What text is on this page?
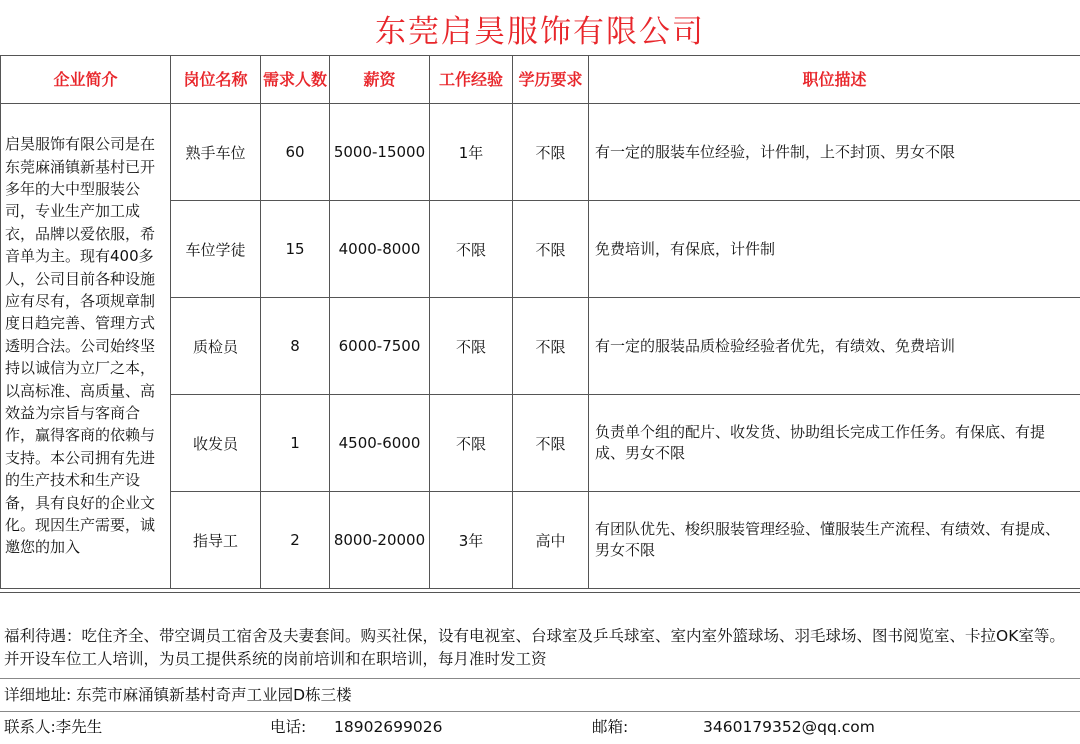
东莞启昊服饰有限公司
企业简介	岗位名称	需求人数	薪资	工作经验	学历要求	职位描述
启昊服饰有限公司是在东莞麻涌镇新基村已开多年的大中型服装公司，专业生产加工成衣，品牌以爱依服，希音单为主。现有400多人，公司目前各种设施应有尽有，各项规章制度日趋完善、管理方式透明合法。公司始终坚持以诚信为立厂之本，以高标准、高质量、高效益为宗旨与客商合作，赢得客商的依赖与支持。本公司拥有先进的生产技术和生产设备，具有良好的企业文化。现因生产需要，诚邀您的加入	熟手车位	60	5000-15000	1年	不限	有一定的服装车位经验，计件制，上不封顶、男女不限
	车位学徒	15	4000-8000	不限	不限	免费培训，有保底，计件制
	质检员	8	6000-7500	不限	不限	有一定的服装品质检验经验者优先，有绩效、免费培训
	收发员	1	4500-6000	不限	不限	负责单个组的配片、收发货、协助组长完成工作任务。有保底、有提成、男女不限
	指导工	2	8000-20000	3年	高中	有团队优先、梭织服装管理经验、懂服装生产流程、有绩效、有提成、男女不限
福利待遇：吃住齐全、带空调员工宿舍及夫妻套间。购买社保，设有电视室、台球室及乒乓球室、室内室外篮球场、羽毛球场、图书阅览室、卡拉OK室等。并开设车位工人培训，为员工提供系统的岗前培训和在职培训，每月准时发工资
详细地址: 东莞市麻涌镇新基村奇声工业园D栋三楼
联系人:李先生	电话: 18902699026	邮箱:	3460179352@qq.com
